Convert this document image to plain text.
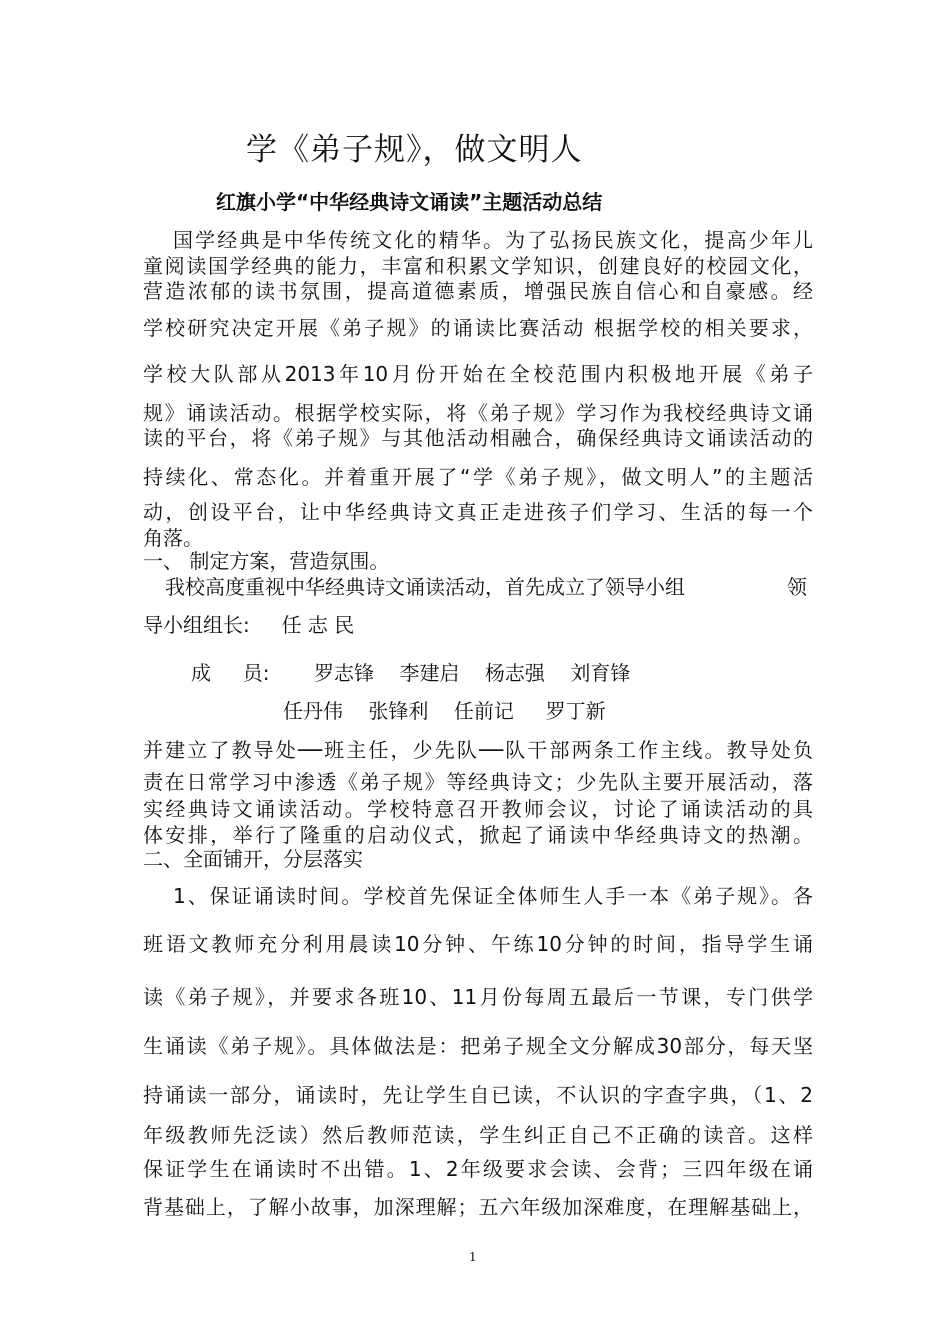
学《弟子规》，做文明人
红旗小学“中华经典诗文诵读”主题活动总结
国学经典是中华传统文化的精华。为了弘扬民族文化，提高少年儿
童阅读国学经典的能力，丰富和积累文学知识，创建良好的校园文化，
营造浓郁的读书氛围，提高道德素质，增强民族自信心和自豪感。经
学校研究决定开展《弟子规》的诵读比赛活动 根据学校的相关要求，
学校大队部从2013年10月份开始在全校范围内积极地开展《弟子
规》诵读活动。根据学校实际，将《弟子规》学习作为我校经典诗文诵
读的平台，将《弟子规》与其他活动相融合，确保经典诗文诵读活动的
持续化、常态化。并着重开展了“学《弟子规》，做文明人”的主题活
动，创设平台，让中华经典诗文真正走进孩子们学习、生活的每一个
角落。
一、 制定方案，营造氛围。
我校高度重视中华经典诗文诵读活动，首先成立了领导小组	领
导小组组长:     任 志 民
成     员:       罗志锋    李建启    杨志强    刘育锋
任丹伟    张锋利    任前记     罗丁新
并建立了教导处──班主任，少先队──队干部两条工作主线。教导处负
责在日常学习中渗透《弟子规》等经典诗文；少先队主要开展活动，落
实经典诗文诵读活动。学校特意召开教师会议，讨论了诵读活动的具
体安排，举行了隆重的启动仪式，掀起了诵读中华经典诗文的热潮。
二、全面铺开，分层落实
1、保证诵读时间。学校首先保证全体师生人手一本《弟子规》。各
班语文教师充分利用晨读10分钟、午练10分钟的时间，指导学生诵
读《弟子规》，并要求各班10、11月份每周五最后一节课，专门供学
生诵读《弟子规》。具体做法是：把弟子规全文分解成30部分，每天坚
持诵读一部分，诵读时，先让学生自已读，不认识的字查字典，（1、2
年级教师先泛读）然后教师范读，学生纠正自己不正确的读音。这样
保证学生在诵读时不出错。1、2年级要求会读、会背；三四年级在诵
背基础上，了解小故事，加深理解；五六年级加深难度，在理解基础上，
1
